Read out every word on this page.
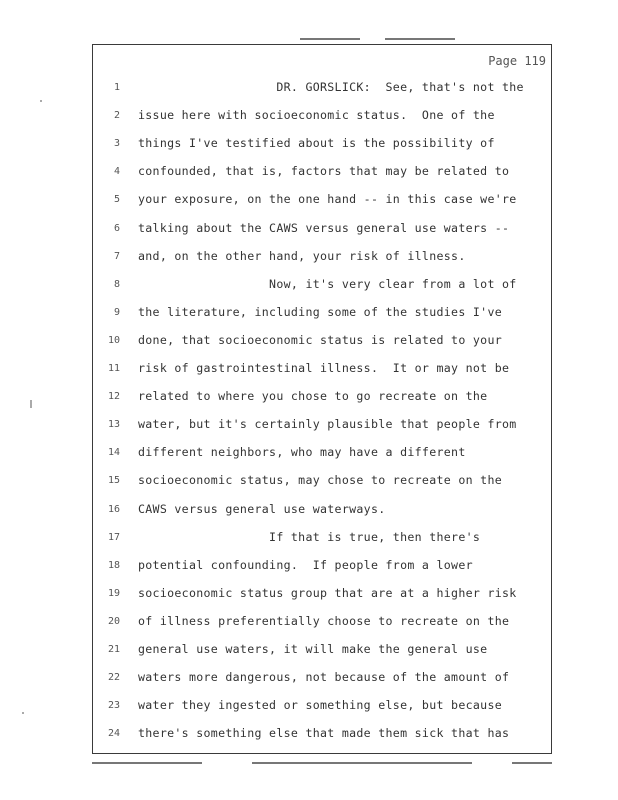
Page 119
1 DR. GORSLICK:  See, that's not the
2 issue here with socioeconomic status.  One of the
3 things I've testified about is the possibility of
4 confounded, that is, factors that may be related to
5 your exposure, on the one hand -- in this case we're
6 talking about the CAWS versus general use waters --
7 and, on the other hand, your risk of illness.
8 Now, it's very clear from a lot of
9 the literature, including some of the studies I've
10 done, that socioeconomic status is related to your
11 risk of gastrointestinal illness.  It or may not be
12 related to where you chose to go recreate on the
13 water, but it's certainly plausible that people from
14 different neighbors, who may have a different
15 socioeconomic status, may chose to recreate on the
16 CAWS versus general use waterways.
17 If that is true, then there's
18 potential confounding.  If people from a lower
19 socioeconomic status group that are at a higher risk
20 of illness preferentially choose to recreate on the
21 general use waters, it will make the general use
22 waters more dangerous, not because of the amount of
23 water they ingested or something else, but because
24 there's something else that made them sick that has
